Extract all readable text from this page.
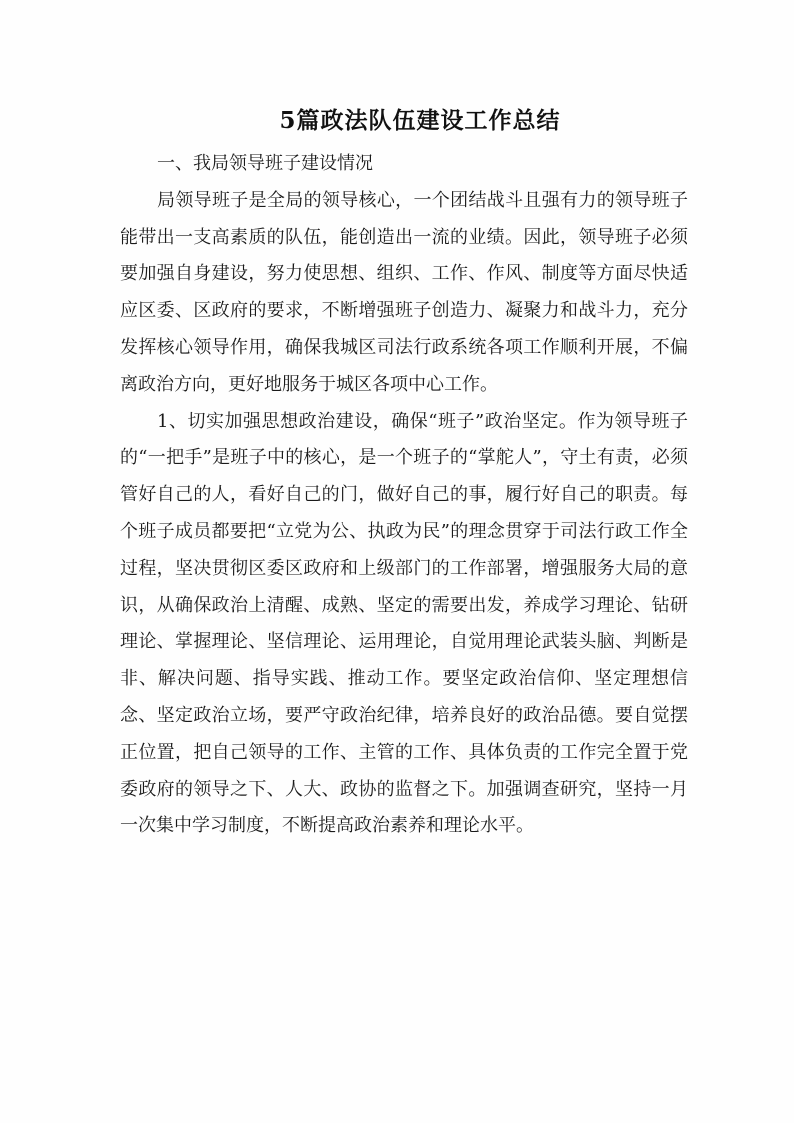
5篇政法队伍建设工作总结

一、我局领导班子建设情况

局领导班子是全局的领导核心，一个团结战斗且强有力的领导班子能带出一支高素质的队伍，能创造出一流的业绩。因此，领导班子必须要加强自身建设，努力使思想、组织、工作、作风、制度等方面尽快适应区委、区政府的要求，不断增强班子创造力、凝聚力和战斗力，充分发挥核心领导作用，确保我城区司法行政系统各项工作顺利开展，不偏离政治方向，更好地服务于城区各项中心工作。

1、切实加强思想政治建设，确保“班子”政治坚定。作为领导班子的“一把手”是班子中的核心，是一个班子的“掌舵人”，守土有责，必须管好自己的人，看好自己的门，做好自己的事，履行好自己的职责。每个班子成员都要把“立党为公、执政为民”的理念贯穿于司法行政工作全过程，坚决贯彻区委区政府和上级部门的工作部署，增强服务大局的意识，从确保政治上清醒、成熟、坚定的需要出发，养成学习理论、钻研理论、掌握理论、坚信理论、运用理论，自觉用理论武装头脑、判断是非、解决问题、指导实践、推动工作。要坚定政治信仰、坚定理想信念、坚定政治立场，要严守政治纪律，培养良好的政治品德。要自觉摆正位置，把自己领导的工作、主管的工作、具体负责的工作完全置于党委政府的领导之下、人大、政协的监督之下。加强调查研究，坚持一月一次集中学习制度，不断提高政治素养和理论水平。
